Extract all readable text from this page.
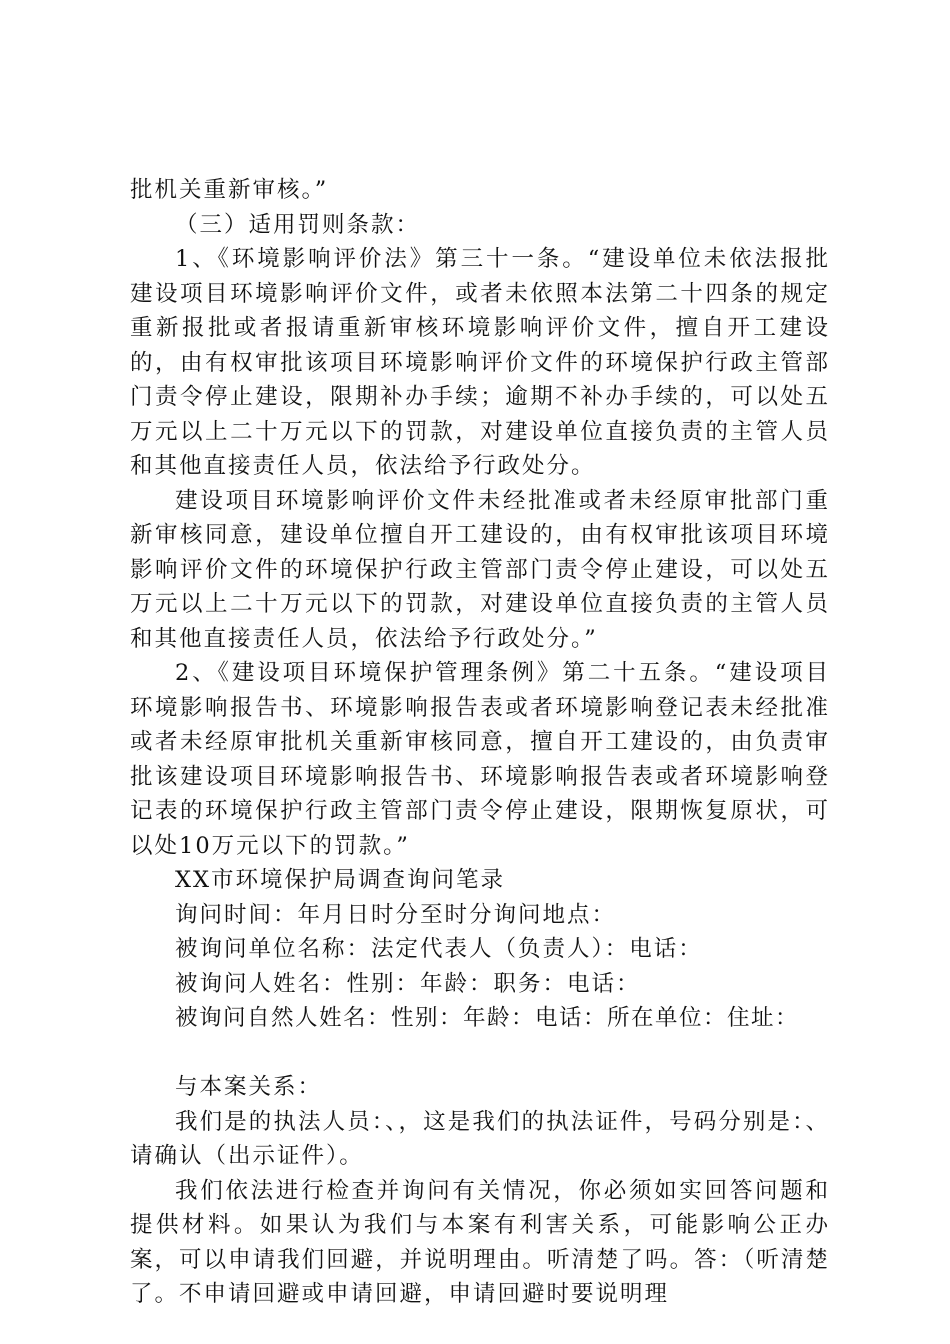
批机关重新审核。”

（三）适用罚则条款：

1、《环境影响评价法》第三十一条。“建设单位未依法报批建设项目环境影响评价文件，或者未依照本法第二十四条的规定重新报批或者报请重新审核环境影响评价文件，擅自开工建设的，由有权审批该项目环境影响评价文件的环境保护行政主管部门责令停止建设，限期补办手续；逾期不补办手续的，可以处五万元以上二十万元以下的罚款，对建设单位直接负责的主管人员和其他直接责任人员，依法给予行政处分。

建设项目环境影响评价文件未经批准或者未经原审批部门重新审核同意，建设单位擅自开工建设的，由有权审批该项目环境影响评价文件的环境保护行政主管部门责令停止建设，可以处五万元以上二十万元以下的罚款，对建设单位直接负责的主管人员和其他直接责任人员，依法给予行政处分。”

2、《建设项目环境保护管理条例》第二十五条。“建设项目环境影响报告书、环境影响报告表或者环境影响登记表未经批准或者未经原审批机关重新审核同意，擅自开工建设的，由负责审批该建设项目环境影响报告书、环境影响报告表或者环境影响登记表的环境保护行政主管部门责令停止建设，限期恢复原状，可以处10万元以下的罚款。”

XX市环境保护局调查询问笔录

询问时间：年月日时分至时分询问地点：

被询问单位名称：法定代表人（负责人）：电话：

被询问人姓名：性别：年龄：职务：电话：

被询问自然人姓名：性别：年龄：电话：所在单位：住址：

与本案关系：

我们是的执法人员：、，这是我们的执法证件，号码分别是：、请确认（出示证件）。

我们依法进行检查并询问有关情况，你必须如实回答问题和提供材料。如果认为我们与本案有利害关系，可能影响公正办案，可以申请我们回避，并说明理由。听清楚了吗。答：（听清楚了。不申请回避或申请回避，申请回避时要说明理
